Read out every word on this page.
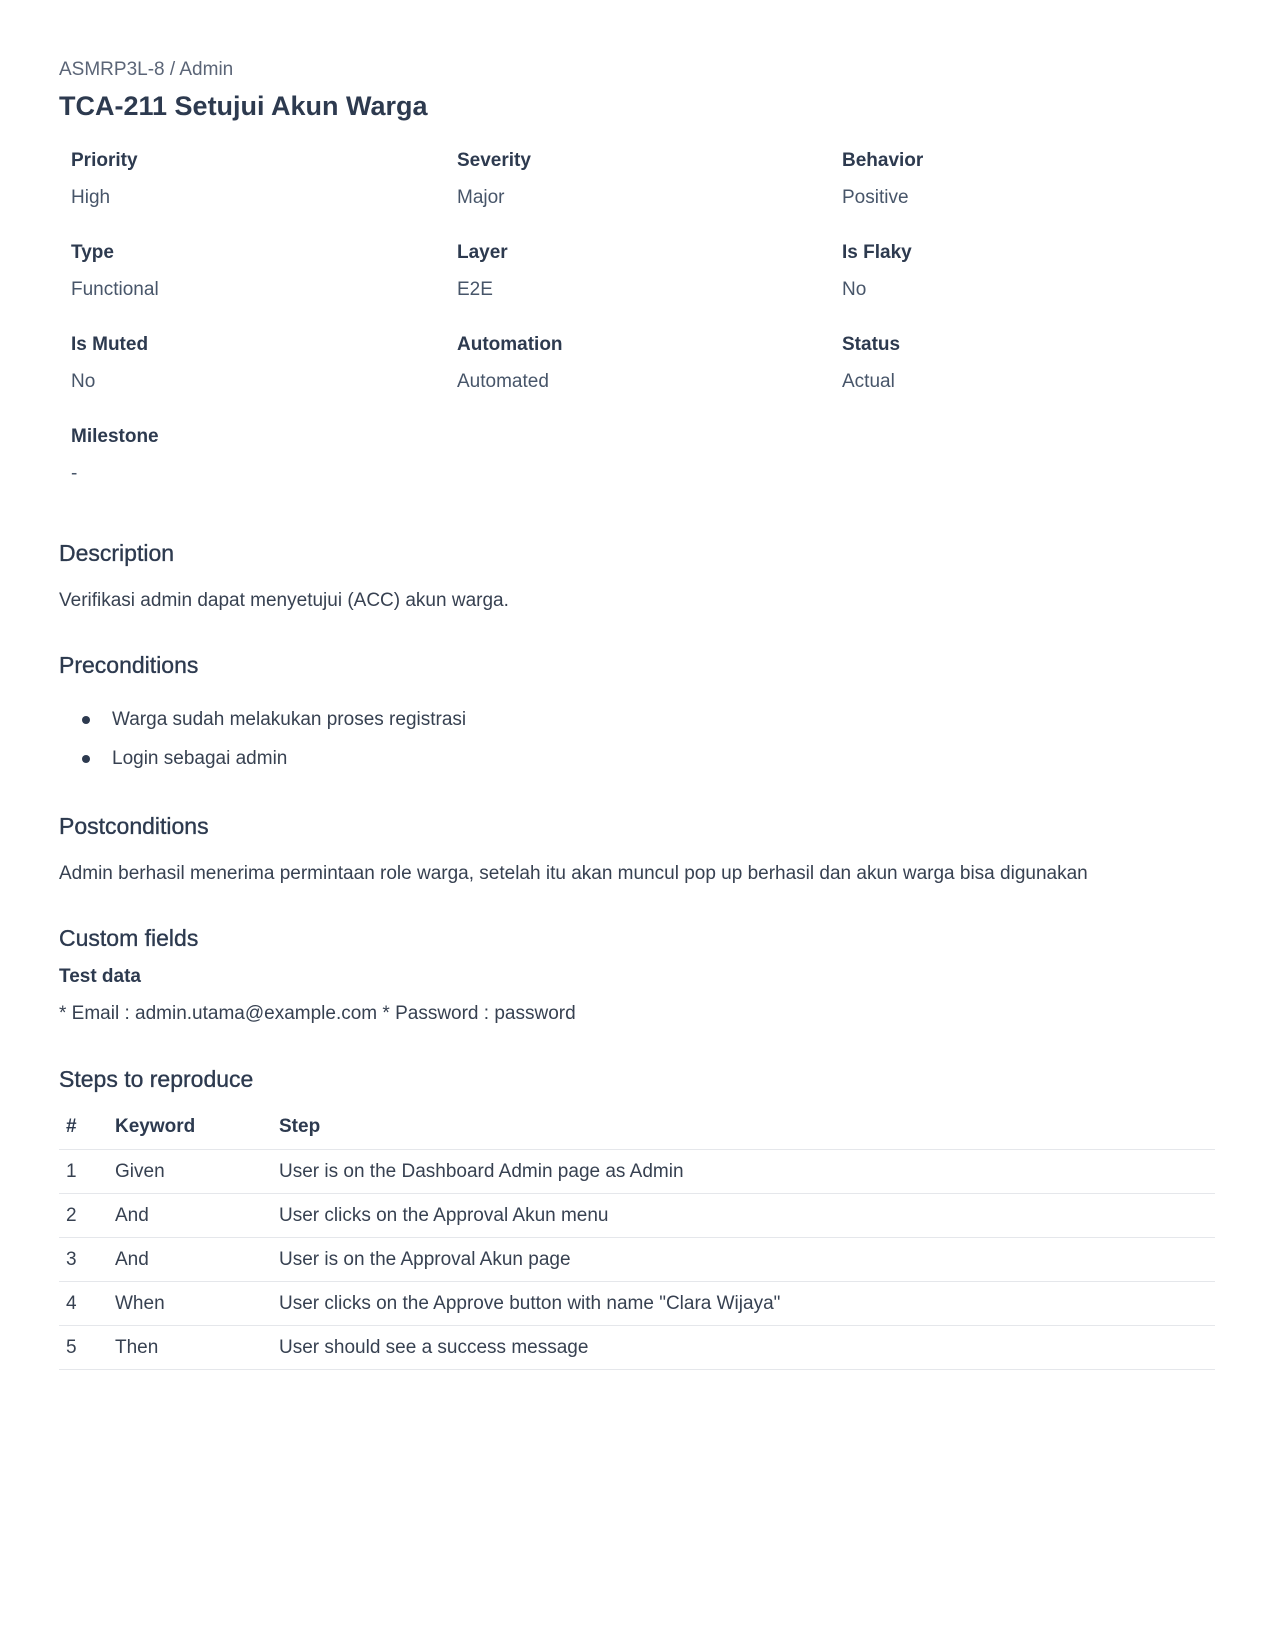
ASMRP3L-8 / Admin
TCA-211 Setujui Akun Warga
Priority
High
Severity
Major
Behavior
Positive
Type
Functional
Layer
E2E
Is Flaky
No
Is Muted
No
Automation
Automated
Status
Actual
Milestone
-
Description
Verifikasi admin dapat menyetujui (ACC) akun warga.
Preconditions
Warga sudah melakukan proses registrasi
Login sebagai admin
Postconditions
Admin berhasil menerima permintaan role warga, setelah itu akan muncul pop up berhasil dan akun warga bisa digunakan
Custom fields
Test data
* Email : admin.utama@example.com * Password : password
Steps to reproduce
#	Keyword	Step
1	Given	User is on the Dashboard Admin page as Admin
2	And	User clicks on the Approval Akun menu
3	And	User is on the Approval Akun page
4	When	User clicks on the Approve button with name "Clara Wijaya"
5	Then	User should see a success message
